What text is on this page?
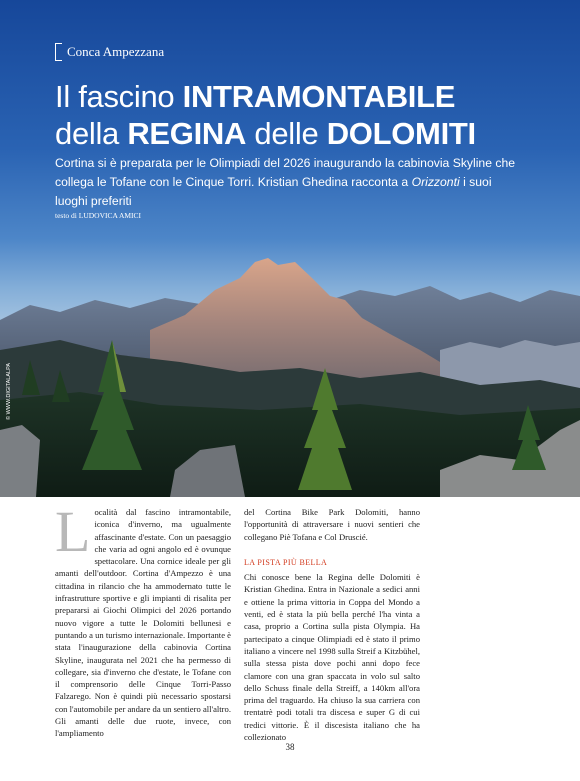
Conca Ampezzana
Il fascino INTRAMONTABILE
della REGINA delle DOLOMITI
Cortina si è preparata per le Olimpiadi del 2026 inaugurando la cabinovia Skyline che collega le Tofane con le Cinque Torri. Kristian Ghedina racconta a Orizzonti i suoi luoghi preferiti
testo di LUDOVICA AMICI
© WWW.DIGITALALPA

Località dal fascino intramontabile, iconica d'inverno, ma ugualmente affascinante d'estate. Con un paesaggio che varia ad ogni angolo ed è ovunque spettacolare. Una cornice ideale per gli amanti dell'outdoor. Cortina d'Ampezzo è una cittadina in rilancio che ha ammodernato tutte le infrastrutture sportive e gli impianti di risalita per prepararsi ai Giochi Olimpici del 2026 portando nuovo vigore a tutte le Dolomiti bellunesi e puntando a un turismo internazionale. Importante è stata l'inaugurazione della cabinovia Cortina Skyline, inaugurata nel 2021 che ha permesso di collegare, sia d'inverno che d'estate, le Tofane con il comprensorio delle Cinque Torri-Passo Falzarego. Non è quindi più necessario spostarsi con l'automobile per andare da un sentiero all'altro. Gli amanti delle due ruote, invece, con l'ampliamento

del Cortina Bike Park Dolomiti, hanno l'opportunità di attraversare i nuovi sentieri che collegano Piè Tofana e Col Druscié.

LA PISTA PIÙ BELLA

Chi conosce bene la Regina delle Dolomiti è Kristian Ghedina. Entra in Nazionale a sedici anni e ottiene la prima vittoria in Coppa del Mondo a venti, ed è stata la più bella perché l'ha vinta a casa, proprio a Cortina sulla pista Olympia. Ha partecipato a cinque Olimpiadi ed è stato il primo italiano a vincere nel 1998 sulla Streif a Kitzbühel, sulla stessa pista dove pochi anni dopo fece clamore con una gran spaccata in volo sul salto dello Schuss finale della Streiff, a 140km all'ora prima del traguardo. Ha chiuso la sua carriera con trentatrè podi totali tra discesa e super G di cui tredici vittorie. È il discesista italiano che ha collezionato

38
